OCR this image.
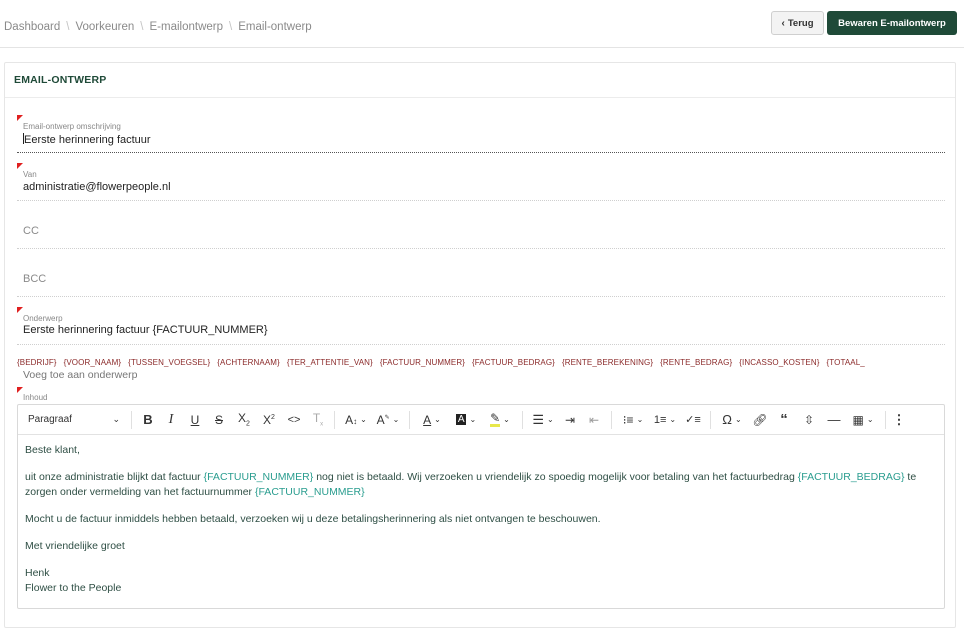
Dashboard \ Voorkeuren \ E-mailontwerp \ Email-ontwerp	‹ Terug	Bewaren E-mailontwerp
EMAIL-ONTWERP
Email-ontwerp omschrijving
Eerste herinnering factuur
Van
administratie@flowerpeople.nl
CC
BCC
Onderwerp
Eerste herinnering factuur {FACTUUR_NUMMER}
{BEDRIJF} {VOOR_NAAM} {TUSSEN_VOEGSEL} {ACHTERNAAM} {TER_ATTENTIE_VAN} {FACTUUR_NUMMER} {FACTUUR_BEDRAG} {RENTE_BEREKENING} {RENTE_BEDRAG} {INCASSO_KOSTEN} {TOTAAL_
Voeg toe aan onderwerp
Inhoud
Paragraaf	⌄ B I U S $X_2$ $X^2 <> T_x$ A↕ ⌄ A✎ ⌄ A ⌄ A ⌄ ✎ ⌄ ☰ ⌄ ⇥ ⇤ ⁝≡ ⌄ 1≡ ⌄ ✓≡ Ω ⌄ 🔗︎ “ ⇳ — ▦ ⌄ ⋮

Beste klant,

uit onze administratie blijkt dat factuur {FACTUUR_NUMMER} nog niet is betaald. Wij verzoeken u vriendelijk zo spoedig mogelijk voor betaling van het factuurbedrag {FACTUUR_BEDRAG} te zorgen onder vermelding van het factuurnummer {FACTUUR_NUMMER}

Mocht u de factuur inmiddels hebben betaald, verzoeken wij u deze betalingsherinnering als niet ontvangen te beschouwen.

Met vriendelijke groet

Henk
Flower to the People
